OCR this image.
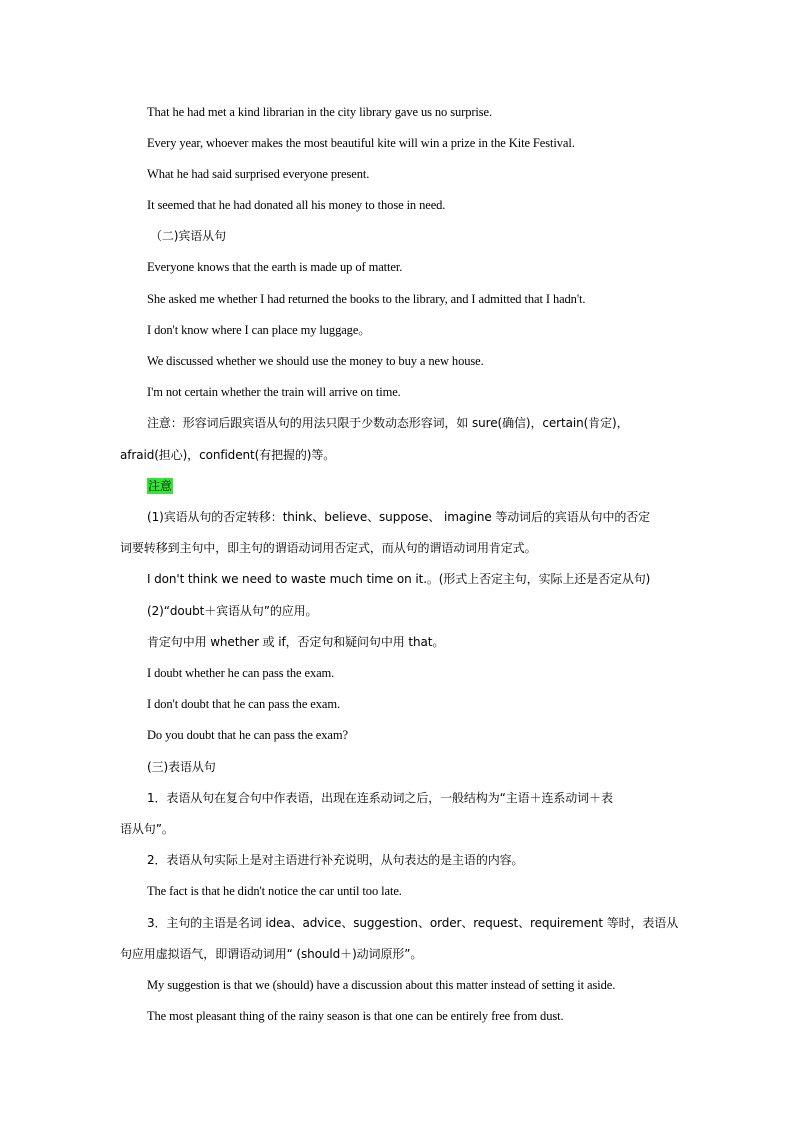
That he had met a kind librarian in the city library gave us no surprise.
Every year, whoever makes the most beautiful kite will win a prize in the Kite Festival.
What he had said surprised everyone present.
It seemed that he had donated all his money to those in need.
（二)宾语从句
Everyone knows that the earth is made up of matter.
She asked me whether I had returned the books to the library, and I admitted that I hadn't.
I don't know where I can place my luggage。
We discussed whether we should use the money to buy a new house.
I'm not certain whether the train will arrive on time.
注意：形容词后跟宾语从句的用法只限于少数动态形容词，如 sure(确信)，certain(肯定)，
afraid(担心)，confident(有把握的)等。
注意
(1)宾语从句的否定转移：think、believe、suppose、 imagine 等动词后的宾语从句中的否定
词要转移到主句中，即主句的谓语动词用否定式，而从句的谓语动词用肯定式。
I don't think we need to waste much time on it.。(形式上否定主句，实际上还是否定从句)
(2)“doubt＋宾语从句”的应用。
肯定句中用 whether 或 if，否定句和疑问句中用 that。
I doubt whether he can pass the exam.
I don't doubt that he can pass the exam.
Do you doubt that he can pass the exam?
(三)表语从句
1．表语从句在复合句中作表语，出现在连系动词之后，一般结构为“主语＋连系动词＋表
语从句”。
2．表语从句实际上是对主语进行补充说明，从句表达的是主语的内容。
The fact is that he didn't notice the car until too late.
3．主句的主语是名词 idea、advice、suggestion、order、request、requirement 等时，表语从
句应用虚拟语气，即谓语动词用“ (should＋)动词原形”。
My suggestion is that we (should) have a discussion about this matter instead of setting it aside.
The most pleasant thing of the rainy season is that one can be entirely free from dust.
